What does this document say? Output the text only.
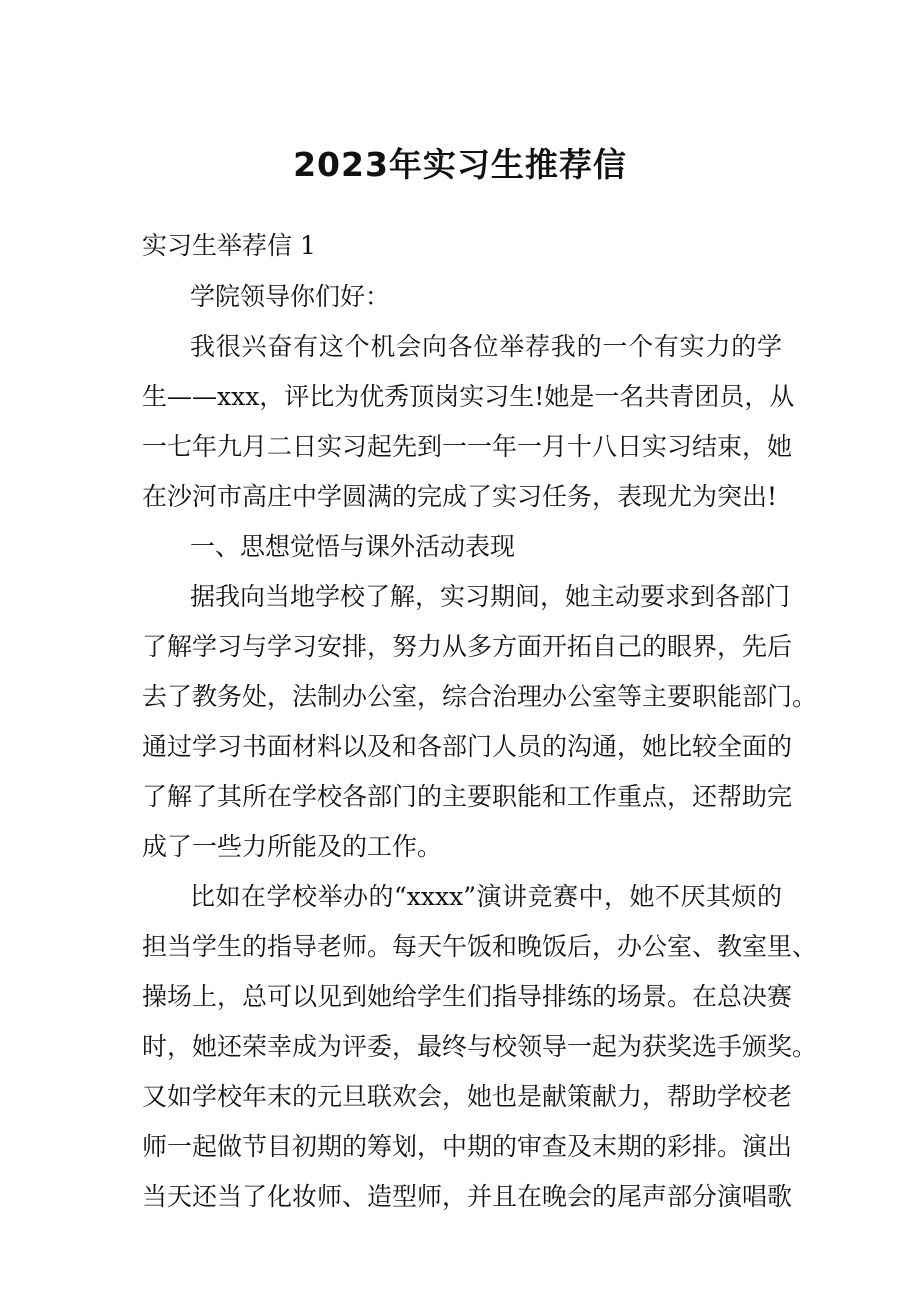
2023年实习生推荐信

实习生举荐信 1

学院领导你们好：

我很兴奋有这个机会向各位举荐我的一个有实力的学

生——xxx，评比为优秀顶岗实习生!她是一名共青团员，从

一七年九月二日实习起先到一一年一月十八日实习结束，她

在沙河市高庄中学圆满的完成了实习任务，表现尤为突出!

一、思想觉悟与课外活动表现

据我向当地学校了解，实习期间，她主动要求到各部门

了解学习与学习安排，努力从多方面开拓自己的眼界，先后

去了教务处，法制办公室，综合治理办公室等主要职能部门。

通过学习书面材料以及和各部门人员的沟通，她比较全面的

了解了其所在学校各部门的主要职能和工作重点，还帮助完

成了一些力所能及的工作。

比如在学校举办的“xxxx”演讲竞赛中，她不厌其烦的

担当学生的指导老师。每天午饭和晚饭后，办公室、教室里、

操场上，总可以见到她给学生们指导排练的场景。在总决赛

时，她还荣幸成为评委，最终与校领导一起为获奖选手颁奖。

又如学校年末的元旦联欢会，她也是献策献力，帮助学校老

师一起做节目初期的筹划，中期的审查及末期的彩排。演出

当天还当了化妆师、造型师，并且在晚会的尾声部分演唱歌
